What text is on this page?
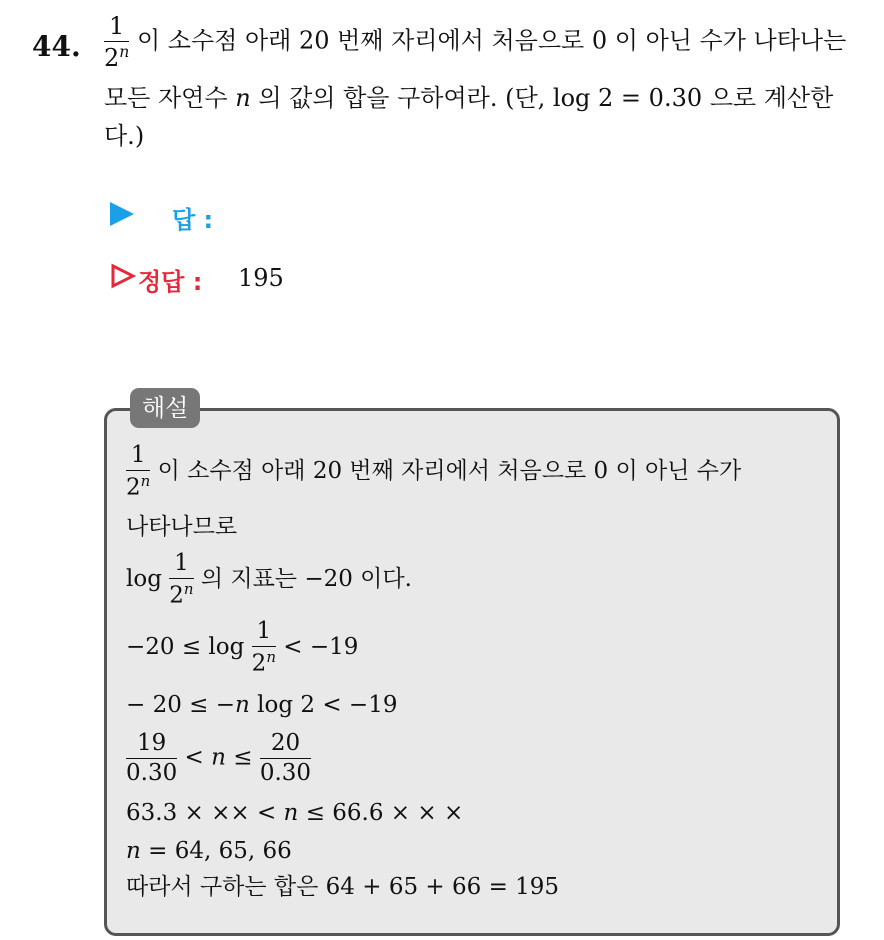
44. $\frac{1}{2^n}$ 이 소수점 아래 20 번째 자리에서 처음으로 0 이 아닌 수가 나타나는
모든 자연수 n 의 값의 합을 구하여라. (단, log 2 = 0.30 으로 계산한
다.)
답 :
정답 : 195
해설
$\frac{1}{2^n}$ 이 소수점 아래 20 번째 자리에서 처음으로 0 이 아닌 수가
나타나므로
$\log \frac{1}{2^n}$ 의 지표는 −20 이다.
$-20 \le \log \frac{1}{2^n} < -19$
− 20 ≤ −n log 2 < −19
$\frac{19}{0.30} < n \le \frac{20}{0.30}$
63.3 × ×× < n ≤ 66.6 × × ×
n = 64, 65, 66
따라서 구하는 합은 64 + 65 + 66 = 195
